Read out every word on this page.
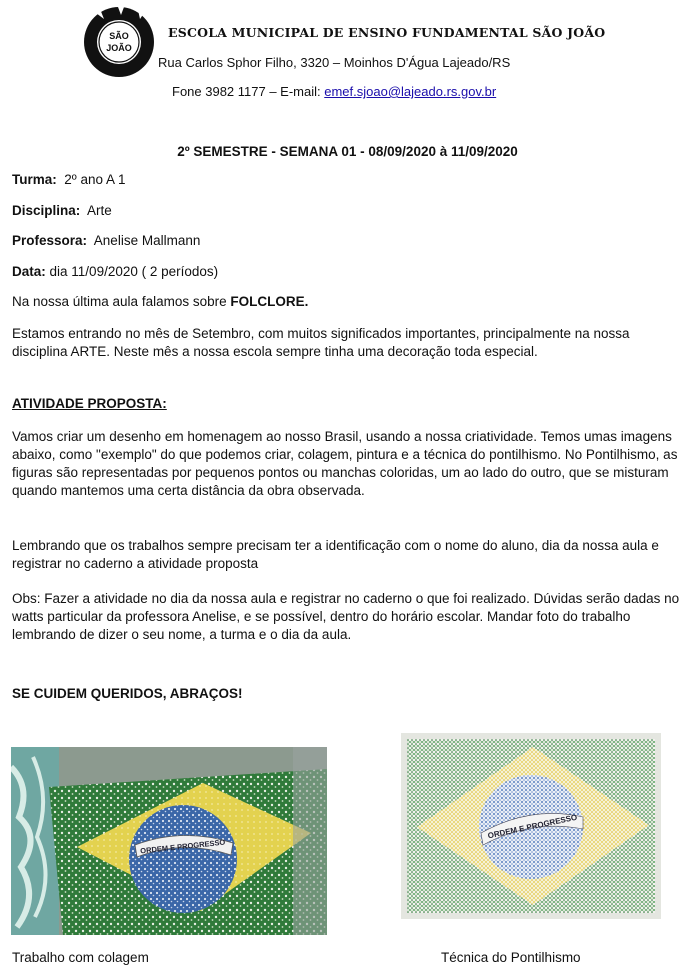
SÃO
JOÃO
ESCOLA MUNICIPAL DE ENSINO FUNDAMENTAL SÃO JOÃO
Rua Carlos Sphor Filho, 3320 – Moinhos D'Água Lajeado/RS
Fone 3982 1177 – E-mail: emef.sjoao@lajeado.rs.gov.br
2º SEMESTRE - SEMANA 01 - 08/09/2020 à 11/09/2020
Turma: 2º ano A 1
Disciplina: Arte
Professora: Anelise Mallmann
Data: dia 11/09/2020 ( 2 períodos)
Na nossa última aula falamos sobre FOLCLORE.
Estamos entrando no mês de Setembro, com muitos significados importantes, principalmente na nossa disciplina ARTE. Neste mês a nossa escola sempre tinha uma decoração toda especial.
ATIVIDADE PROPOSTA:
Vamos criar um desenho em homenagem ao nosso Brasil, usando a nossa criatividade. Temos umas imagens abaixo, como "exemplo" do que podemos criar, colagem, pintura e a técnica do pontilhismo. No Pontilhismo, as figuras são representadas por pequenos pontos ou manchas coloridas, um ao lado do outro, que se misturam quando mantemos uma certa distância da obra observada.
Lembrando que os trabalhos sempre precisam ter a identificação com o nome do aluno, dia da nossa aula e registrar no caderno a atividade proposta
Obs: Fazer a atividade no dia da nossa aula e registrar no caderno o que foi realizado. Dúvidas serão dadas no watts particular da professora Anelise, e se possível, dentro do horário escolar. Mandar foto do trabalho lembrando de dizer o seu nome, a turma e o dia da aula.
SE CUIDEM QUERIDOS, ABRAÇOS!
ORDEM E PROGRESSO
Trabalho com colagem
ORDEM E PROGRESSO
Técnica do Pontilhismo
